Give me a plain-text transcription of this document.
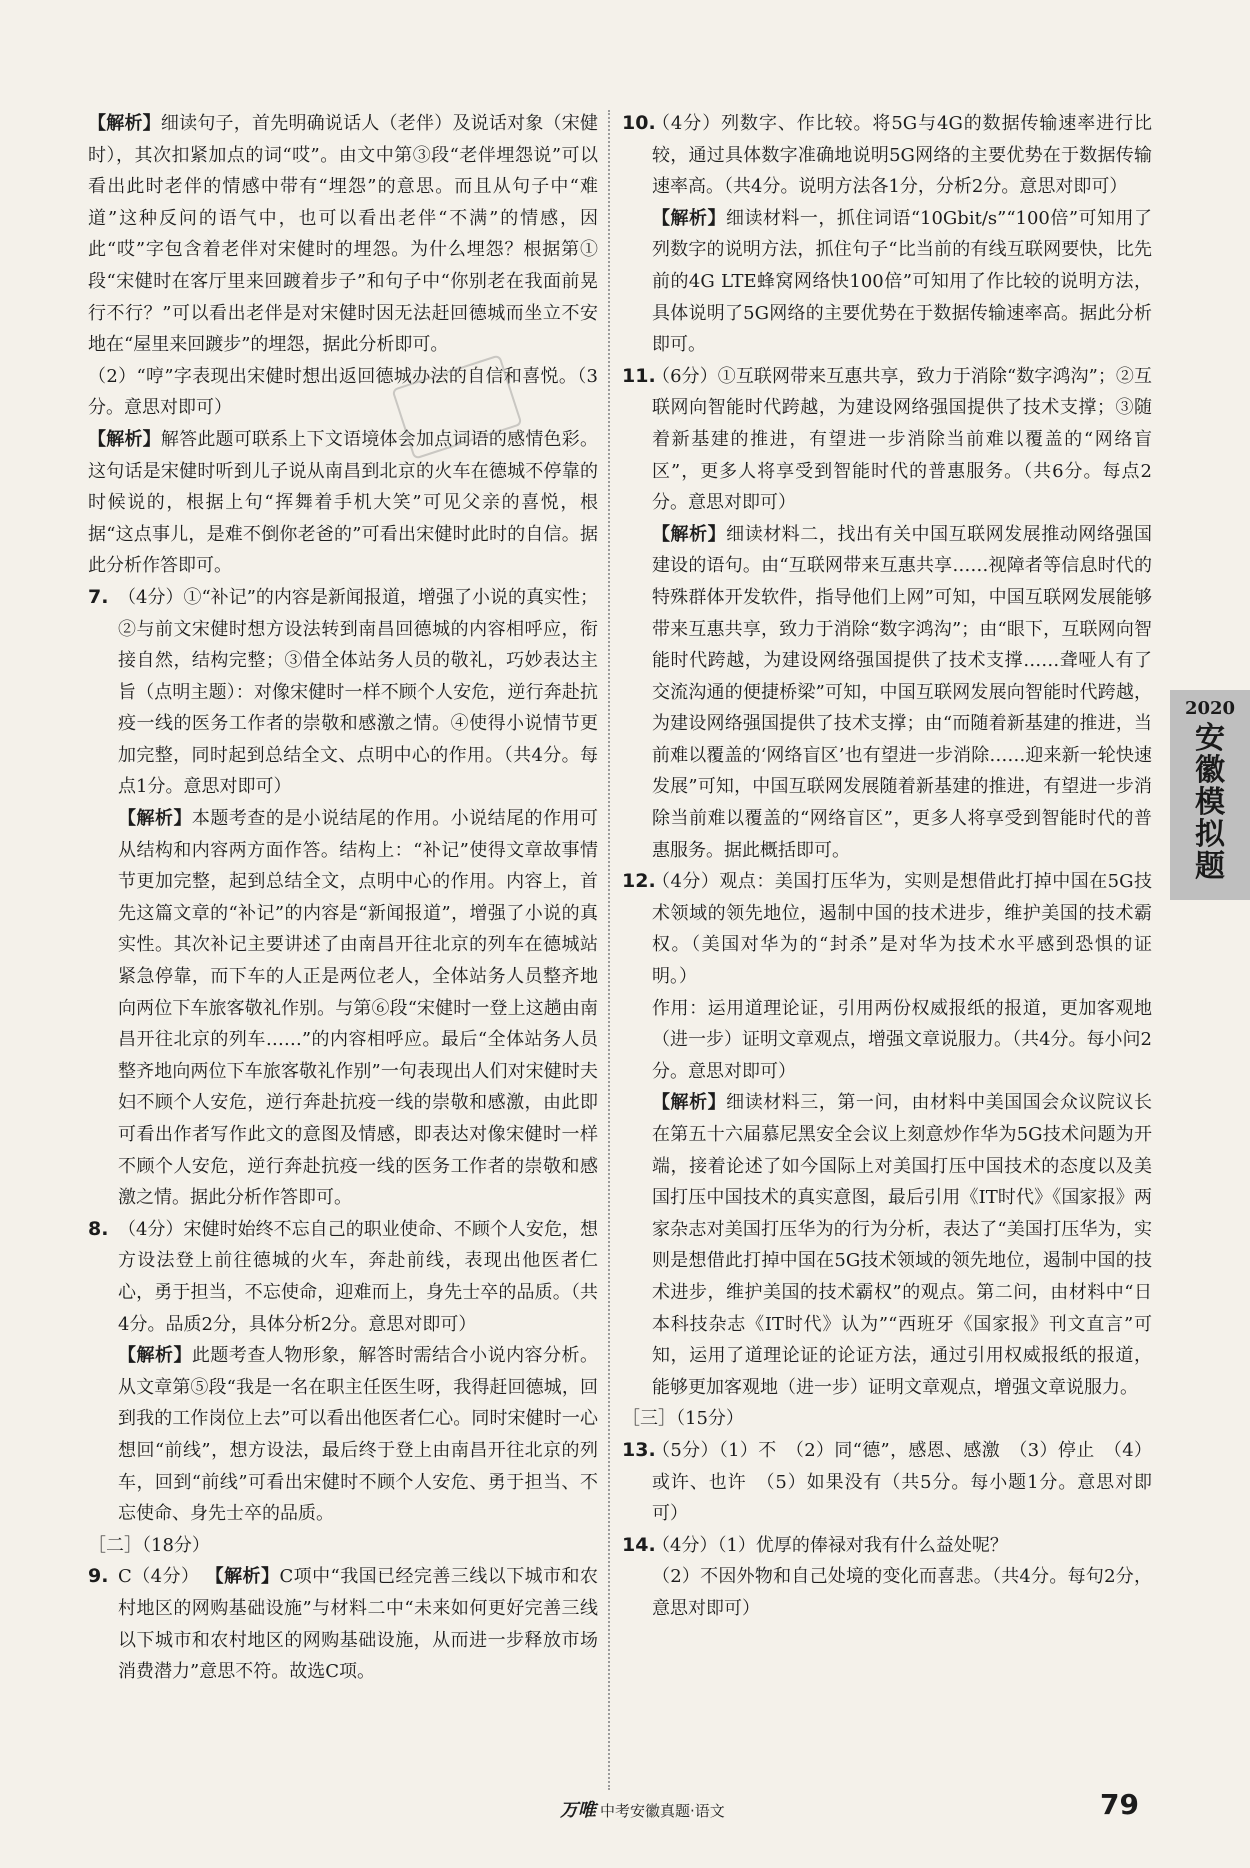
【解析】细读句子，首先明确说话人（老伴）及说话对象（宋健时），其次扣紧加点的词“哎”。由文中第③段“老伴埋怨说”可以看出此时老伴的情感中带有“埋怨”的意思。而且从句子中“难道”这种反问的语气中，也可以看出老伴“不满”的情感，因此“哎”字包含着老伴对宋健时的埋怨。为什么埋怨？根据第①段“宋健时在客厅里来回踱着步子”和句子中“你别老在我面前晃行不行？”可以看出老伴是对宋健时因无法赶回德城而坐立不安地在“屋里来回踱步”的埋怨，据此分析即可。

（2）“哼”字表现出宋健时想出返回德城办法的自信和喜悦。（3分。意思对即可）

【解析】解答此题可联系上下文语境体会加点词语的感情色彩。这句话是宋健时听到儿子说从南昌到北京的火车在德城不停靠的时候说的，根据上句“挥舞着手机大笑”可见父亲的喜悦，根据“这点事儿，是难不倒你老爸的”可看出宋健时此时的自信。据此分析作答即可。

7. （4分）①“补记”的内容是新闻报道，增强了小说的真实性；②与前文宋健时想方设法转到南昌回德城的内容相呼应，衔接自然，结构完整；③借全体站务人员的敬礼，巧妙表达主旨（点明主题）：对像宋健时一样不顾个人安危，逆行奔赴抗疫一线的医务工作者的崇敬和感激之情。④使得小说情节更加完整，同时起到总结全文、点明中心的作用。（共4分。每点1分。意思对即可）
【解析】本题考查的是小说结尾的作用。小说结尾的作用可从结构和内容两方面作答。结构上：“补记”使得文章故事情节更加完整，起到总结全文，点明中心的作用。内容上，首先这篇文章的“补记”的内容是“新闻报道”，增强了小说的真实性。其次补记主要讲述了由南昌开往北京的列车在德城站紧急停靠，而下车的人正是两位老人，全体站务人员整齐地向两位下车旅客敬礼作别。与第⑥段“宋健时一登上这趟由南昌开往北京的列车……”的内容相呼应。最后“全体站务人员整齐地向两位下车旅客敬礼作别”一句表现出人们对宋健时夫妇不顾个人安危，逆行奔赴抗疫一线的崇敬和感激，由此即可看出作者写作此文的意图及情感，即表达对像宋健时一样不顾个人安危，逆行奔赴抗疫一线的医务工作者的崇敬和感激之情。据此分析作答即可。
8. （4分）宋健时始终不忘自己的职业使命、不顾个人安危，想方设法登上前往德城的火车，奔赴前线，表现出他医者仁心，勇于担当，不忘使命，迎难而上，身先士卒的品质。（共4分。品质2分，具体分析2分。意思对即可）
【解析】此题考查人物形象，解答时需结合小说内容分析。从文章第⑤段“我是一名在职主任医生呀，我得赶回德城，回到我的工作岗位上去”可以看出他医者仁心。同时宋健时一心想回“前线”，想方设法，最后终于登上由南昌开往北京的列车，回到“前线”可看出宋健时不顾个人安危、勇于担当、不忘使命、身先士卒的品质。

［二］（18分）

9. C（4分） 【解析】C项中“我国已经完善三线以下城市和农村地区的网购基础设施”与材料二中“未来如何更好完善三线以下城市和农村地区的网购基础设施，从而进一步释放市场消费潜力”意思不符。故选C项。
10.
（4分）列数字、作比较。将5G与4G的数据传输速率进行比较，通过具体数字准确地说明5G网络的主要优势在于数据传输速率高。（共4分。说明方法各1分，分析2分。意思对即可）
【解析】细读材料一，抓住词语“10Gbit/s”“100倍”可知用了列数字的说明方法，抓住句子“比当前的有线互联网要快，比先前的4G LTE蜂窝网络快100倍”可知用了作比较的说明方法，具体说明了5G网络的主要优势在于数据传输速率高。据此分析即可。
11.
（6分）①互联网带来互惠共享，致力于消除“数字鸿沟”；②互联网向智能时代跨越，为建设网络强国提供了技术支撑；③随着新基建的推进，有望进一步消除当前难以覆盖的“网络盲区”，更多人将享受到智能时代的普惠服务。（共6分。每点2分。意思对即可）
【解析】细读材料二，找出有关中国互联网发展推动网络强国建设的语句。由“互联网带来互惠共享……视障者等信息时代的特殊群体开发软件，指导他们上网”可知，中国互联网发展能够带来互惠共享，致力于消除“数字鸿沟”；由“眼下，互联网向智能时代跨越，为建设网络强国提供了技术支撑……聋哑人有了交流沟通的便捷桥梁”可知，中国互联网发展向智能时代跨越，为建设网络强国提供了技术支撑；由“而随着新基建的推进，当前难以覆盖的‘网络盲区’也有望进一步消除……迎来新一轮快速发展”可知，中国互联网发展随着新基建的推进，有望进一步消除当前难以覆盖的“网络盲区”，更多人将享受到智能时代的普惠服务。据此概括即可。
12.
（4分）观点：美国打压华为，实则是想借此打掉中国在5G技术领域的领先地位，遏制中国的技术进步，维护美国的技术霸权。（美国对华为的“封杀”是对华为技术水平感到恐惧的证明。）
作用：运用道理论证，引用两份权威报纸的报道，更加客观地（进一步）证明文章观点，增强文章说服力。（共4分。每小问2分。意思对即可）
【解析】细读材料三，第一问，由材料中美国国会众议院议长在第五十六届慕尼黑安全会议上刻意炒作华为5G技术问题为开端，接着论述了如今国际上对美国打压中国技术的态度以及美国打压中国技术的真实意图，最后引用《IT时代》《国家报》两家杂志对美国打压华为的行为分析，表达了“美国打压华为，实则是想借此打掉中国在5G技术领域的领先地位，遏制中国的技术进步，维护美国的技术霸权”的观点。第二问，由材料中“日本科技杂志《IT时代》认为”“西班牙《国家报》刊文直言”可知，运用了道理论证的论证方法，通过引用权威报纸的报道，能够更加客观地（进一步）证明文章观点，增强文章说服力。

［三］（15分）

13.
（5分）（1）不　（2）同“德”，感恩、感激　（3）停止　（4）或许、也许　（5）如果没有（共5分。每小题1分。意思对即可）
14.
（4分）（1）优厚的俸禄对我有什么益处呢？
（2）不因外物和自己处境的变化而喜悲。（共4分。每句2分，意思对即可）
2020
安徽模拟题
万唯 中考安徽真题·语文	79
